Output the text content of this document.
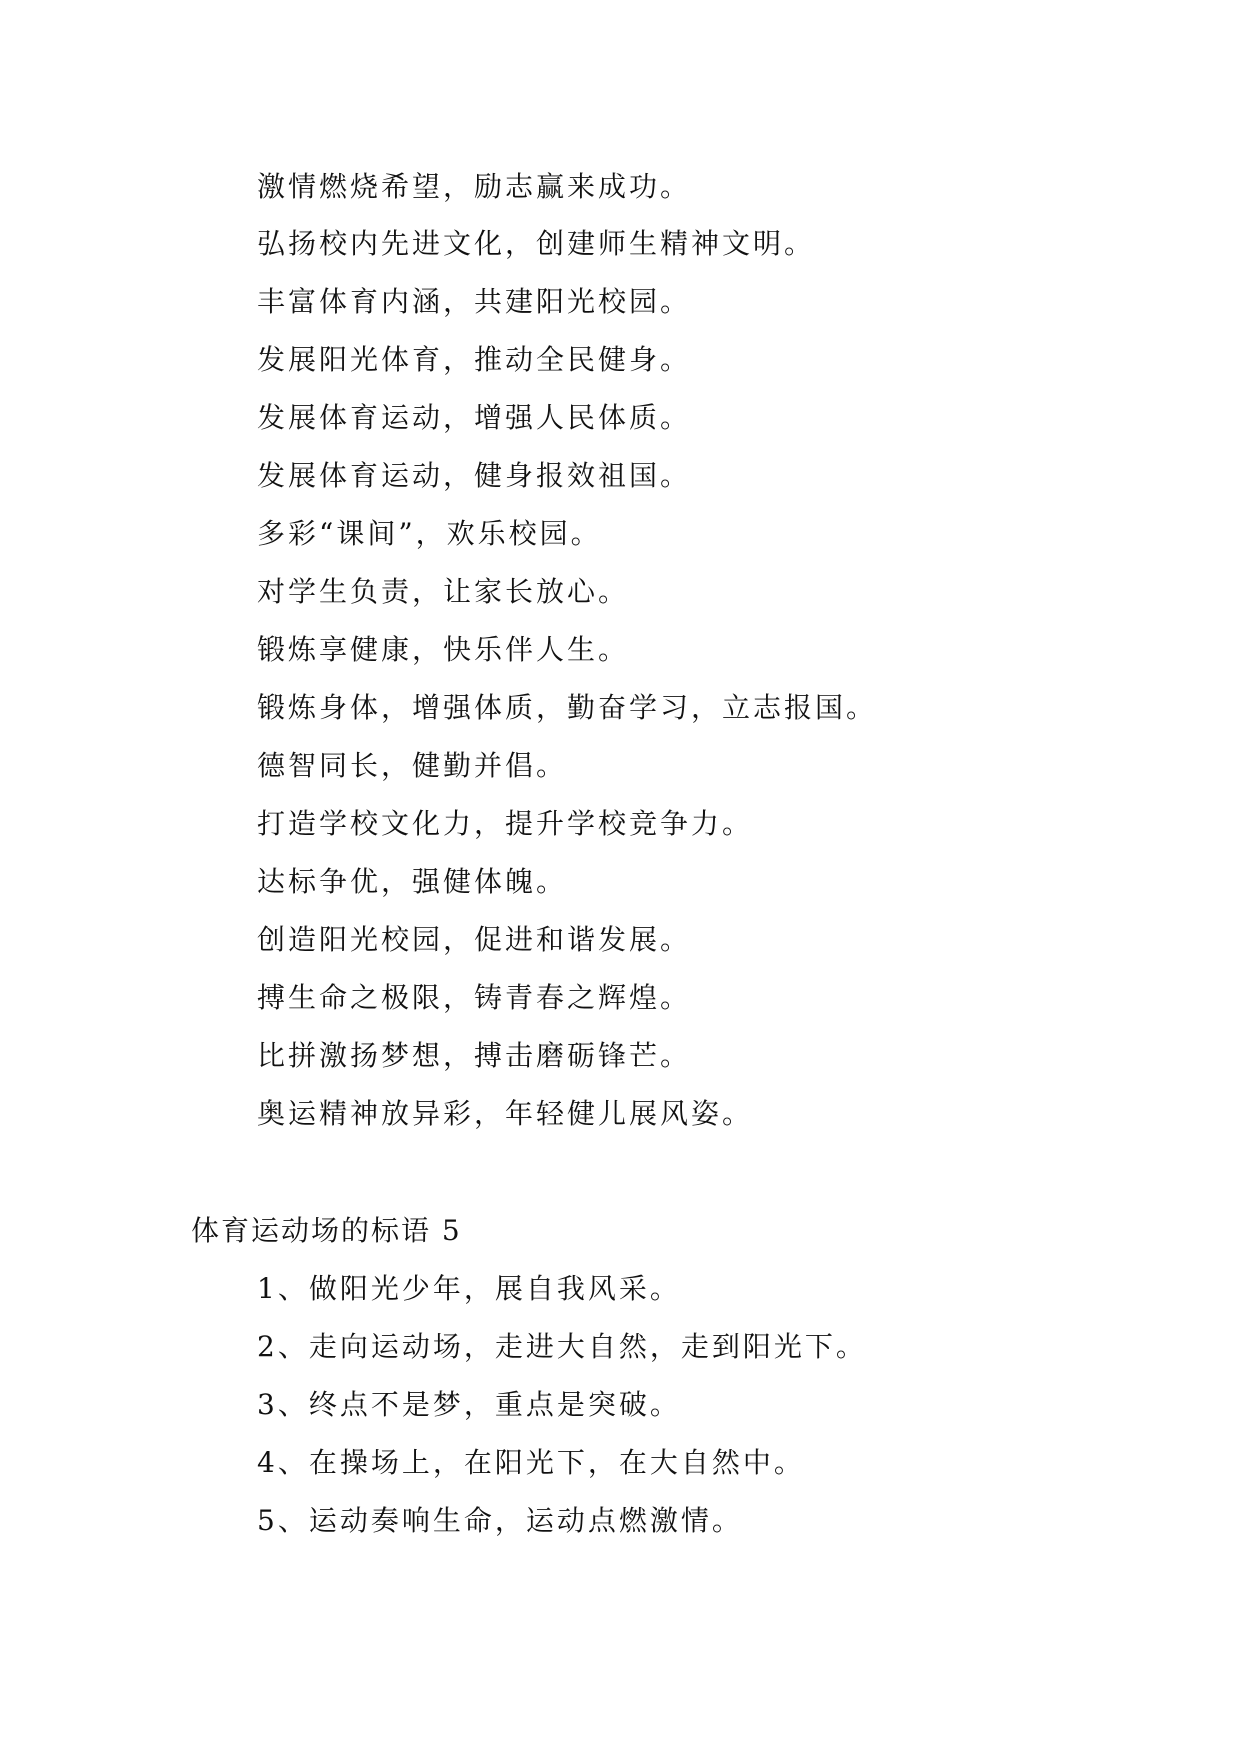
激情燃烧希望，励志赢来成功。
弘扬校内先进文化，创建师生精神文明。
丰富体育内涵，共建阳光校园。
发展阳光体育，推动全民健身。
发展体育运动，增强人民体质。
发展体育运动，健身报效祖国。
多彩“课间”，欢乐校园。
对学生负责，让家长放心。
锻炼享健康，快乐伴人生。
锻炼身体，增强体质，勤奋学习，立志报国。
德智同长，健勤并倡。
打造学校文化力，提升学校竞争力。
达标争优，强健体魄。
创造阳光校园，促进和谐发展。
搏生命之极限，铸青春之辉煌。
比拼激扬梦想，搏击磨砺锋芒。
奥运精神放异彩，年轻健儿展风姿。
体育运动场的标语 5
1、做阳光少年，展自我风采。
2、走向运动场，走进大自然，走到阳光下。
3、终点不是梦，重点是突破。
4、在操场上，在阳光下，在大自然中。
5、运动奏响生命，运动点燃激情。
